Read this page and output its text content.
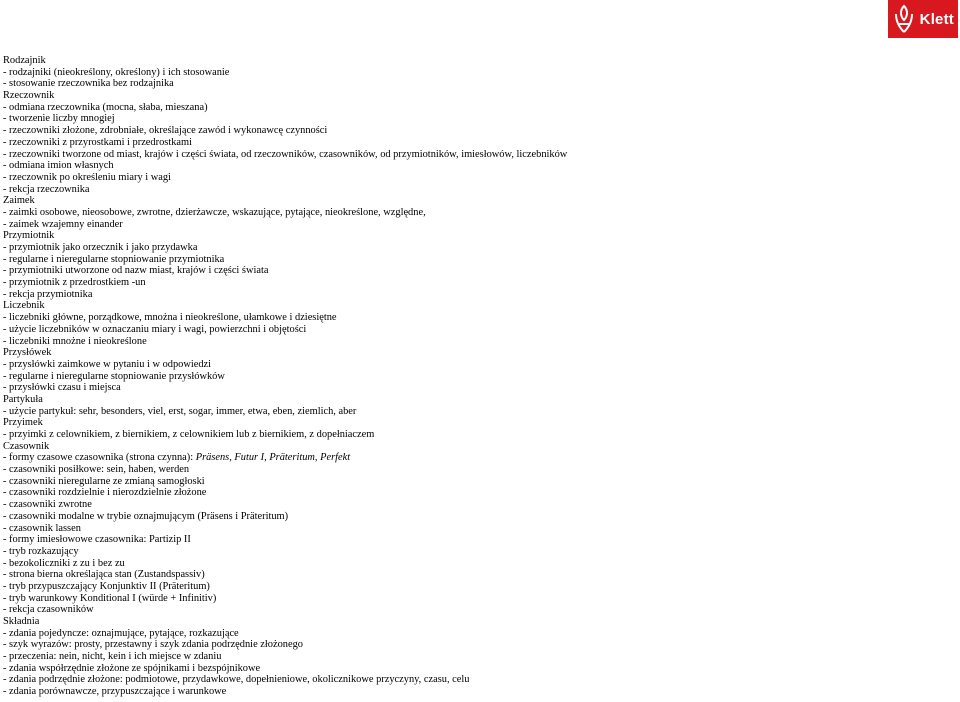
Klett
Rodzajnik
- rodzajniki (nieokreślony, określony) i ich stosowanie
- stosowanie rzeczownika bez rodzajnika
Rzeczownik
- odmiana rzeczownika (mocna, słaba, mieszana)
- tworzenie liczby mnogiej
- rzeczowniki złożone, zdrobniałe, określające zawód i wykonawcę czynności
- rzeczowniki z przyrostkami i przedrostkami
- rzeczowniki tworzone od miast, krajów i części świata, od rzeczowników, czasowników, od przymiotników, imiesłowów, liczebników
- odmiana imion własnych
- rzeczownik po określeniu miary i wagi
- rekcja rzeczownika
Zaimek
- zaimki osobowe, nieosobowe, zwrotne, dzierżawcze, wskazujące, pytające, nieokreślone, względne,
- zaimek wzajemny einander
Przymiotnik
- przymiotnik jako orzecznik i jako przydawka
- regularne i nieregularne stopniowanie przymiotnika
- przymiotniki utworzone od nazw miast, krajów i części świata
- przymiotnik z przedrostkiem -un
- rekcja przymiotnika
Liczebnik
- liczebniki główne, porządkowe, mnożna i nieokreślone, ułamkowe i dziesiętne
- użycie liczebników w oznaczaniu miary i wagi, powierzchni i objętości
- liczebniki mnożne i nieokreślone
Przysłówek
- przysłówki zaimkowe w pytaniu i w odpowiedzi
- regularne i nieregularne stopniowanie przysłówków
- przysłówki czasu i miejsca
Partykuła
- użycie partykuł: sehr, besonders, viel, erst, sogar, immer, etwa, eben, ziemlich, aber
Przyimek
- przyimki z celownikiem, z biernikiem, z celownikiem lub z biernikiem, z dopełniaczem
Czasownik
- formy czasowe czasownika (strona czynna): Präsens, Futur I, Präteritum, Perfekt
- czasowniki posiłkowe: sein, haben, werden
- czasowniki nieregularne ze zmianą samogłoski
- czasowniki rozdzielnie i nierozdzielnie złożone
- czasowniki zwrotne
- czasowniki modalne w trybie oznajmującym (Präsens i Präteritum)
- czasownik lassen
- formy imiesłowowe czasownika: Partizip II
- tryb rozkazujący
- bezokoliczniki z zu i bez zu
- strona bierna określająca stan (Zustandspassiv)
- tryb przypuszczający Konjunktiv II (Präteritum)
- tryb warunkowy Konditional I (würde + Infinitiv)
- rekcja czasowników
Składnia
- zdania pojedyncze: oznajmujące, pytające, rozkazujące
- szyk wyrazów: prosty, przestawny i szyk zdania podrzędnie złożonego
- przeczenia: nein, nicht, kein i ich miejsce w zdaniu
- zdania współrzędnie złożone ze spójnikami i bezspójnikowe
- zdania podrzędnie złożone: podmiotowe, przydawkowe, dopełnieniowe, okolicznikowe przyczyny, czasu, celu
- zdania porównawcze, przypuszczające i warunkowe
